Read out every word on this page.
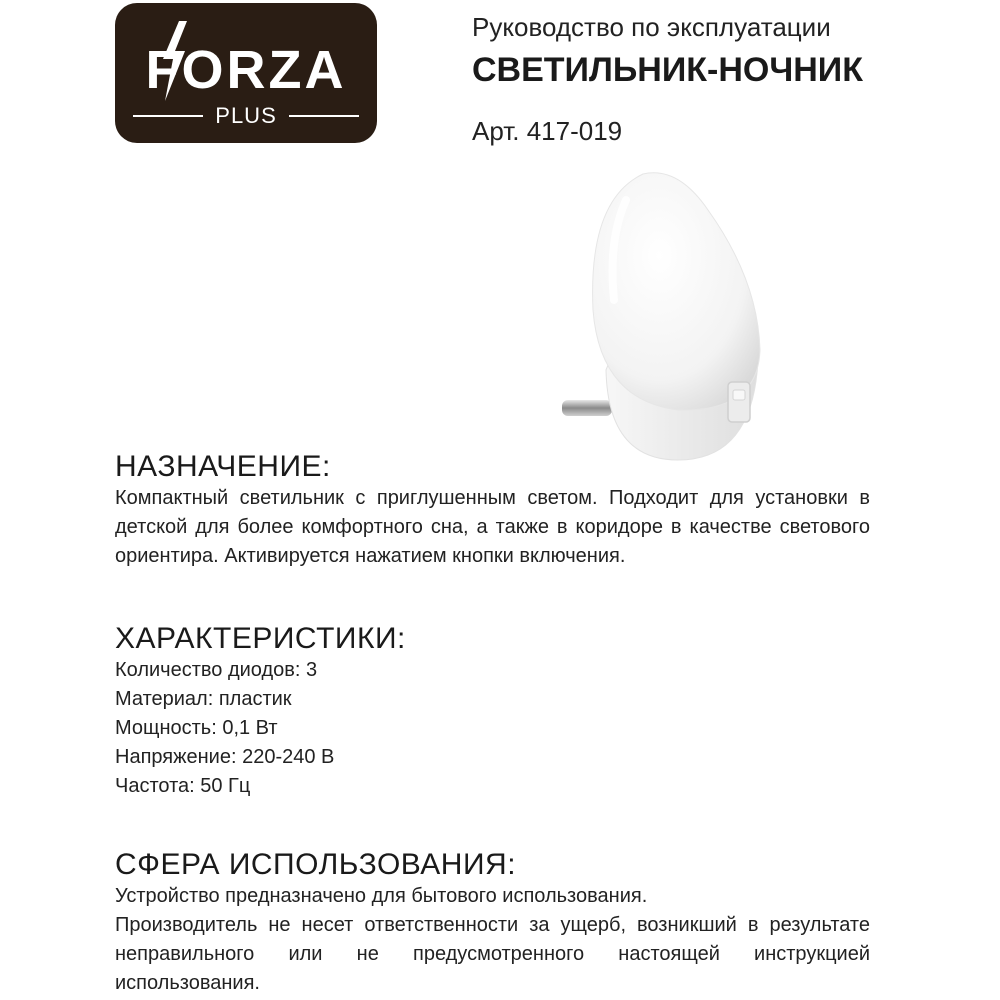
FORZA
PLUS
Руководство по эксплуатации
СВЕТИЛЬНИК-НОЧНИК
Арт. 417-019
НАЗНАЧЕНИЕ:

Компактный светильник с приглушенным светом. Подходит для установки в детской для более комфортного сна, а также в коридоре в качестве светового ориентира. Активируется нажатием кнопки включения.

ХАРАКТЕРИСТИКИ:
Количество диодов: 3
Материал: пластик
Мощность: 0,1 Вт
Напряжение: 220-240 В
Частота: 50 Гц
СФЕРА ИСПОЛЬЗОВАНИЯ:

Устройство предназначено для бытового использования.

Производитель не несет ответственности за ущерб, возникший в результате неправильного или не предусмотренного настоящей инструкцией использования.
